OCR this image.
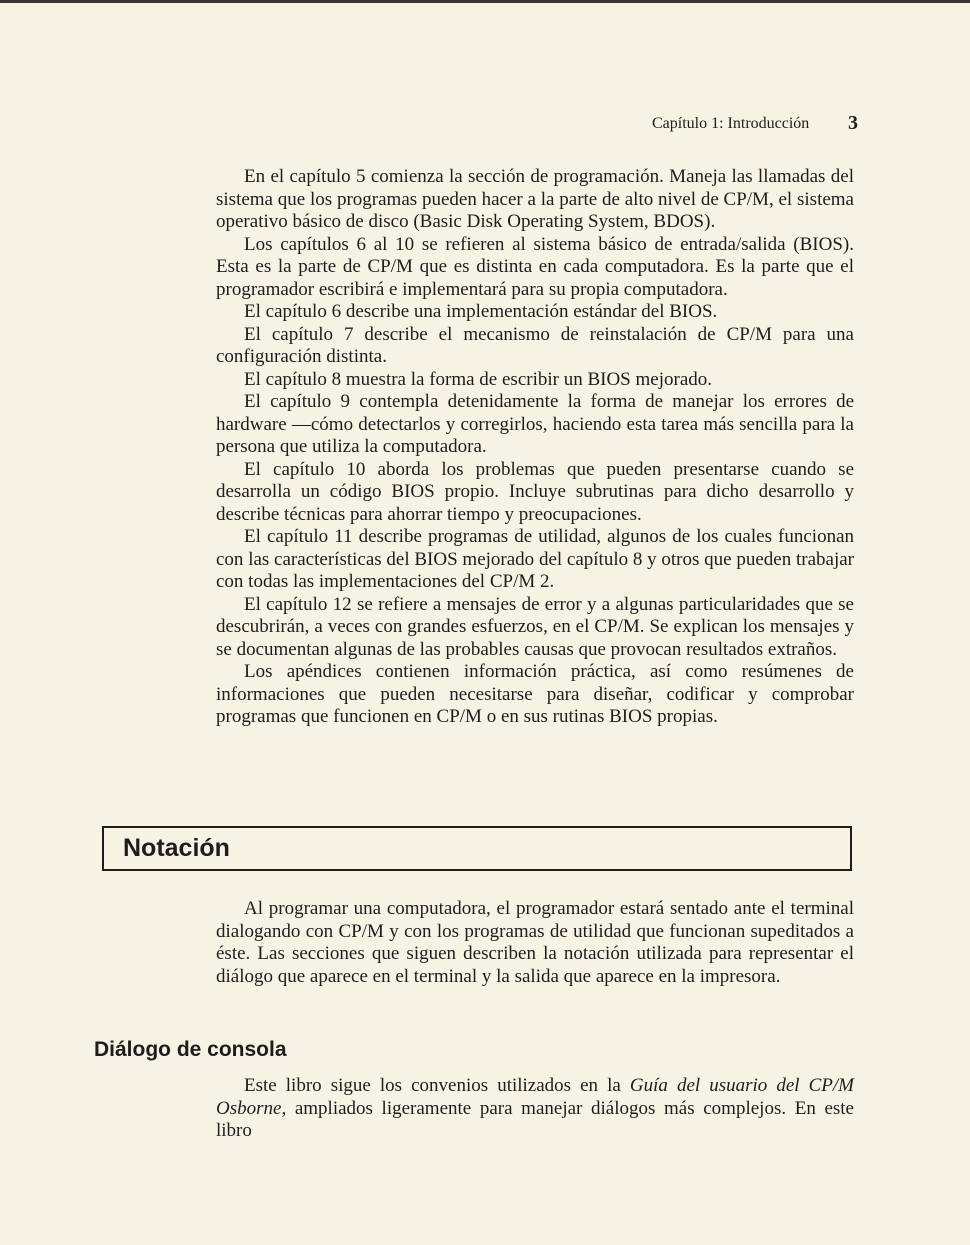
Capítulo 1: Introducción 3

En el capítulo 5 comienza la sección de programación. Maneja las llamadas del sistema que los programas pueden hacer a la parte de alto nivel de CP/M, el sistema operativo básico de disco (Basic Disk Operating System, BDOS).

Los capítulos 6 al 10 se refieren al sistema básico de entrada/salida (BIOS). Esta es la parte de CP/M que es distinta en cada computadora. Es la parte que el programador escribirá e implementará para su propia computadora.

El capítulo 6 describe una implementación estándar del BIOS.

El capítulo 7 describe el mecanismo de reinstalación de CP/M para una configuración distinta.

El capítulo 8 muestra la forma de escribir un BIOS mejorado.

El capítulo 9 contempla detenidamente la forma de manejar los errores de hardware —cómo detectarlos y corregirlos, haciendo esta tarea más sencilla para la persona que utiliza la computadora.

El capítulo 10 aborda los problemas que pueden presentarse cuando se desarrolla un código BIOS propio. Incluye subrutinas para dicho desarrollo y describe técnicas para ahorrar tiempo y preocupaciones.

El capítulo 11 describe programas de utilidad, algunos de los cuales funcionan con las características del BIOS mejorado del capítulo 8 y otros que pueden trabajar con todas las implementaciones del CP/M 2.

El capítulo 12 se refiere a mensajes de error y a algunas particularidades que se descubrirán, a veces con grandes esfuerzos, en el CP/M. Se explican los mensajes y se documentan algunas de las probables causas que provocan resultados extraños.

Los apéndices contienen información práctica, así como resúmenes de informaciones que pueden necesitarse para diseñar, codificar y comprobar programas que funcionen en CP/M o en sus rutinas BIOS propias.

Notación

Al programar una computadora, el programador estará sentado ante el terminal dialogando con CP/M y con los programas de utilidad que funcionan supeditados a éste. Las secciones que siguen describen la notación utilizada para representar el diálogo que aparece en el terminal y la salida que aparece en la impresora.

Diálogo de consola

Este libro sigue los convenios utilizados en la Guía del usuario del CP/M Osborne, ampliados ligeramente para manejar diálogos más complejos. En este libro
